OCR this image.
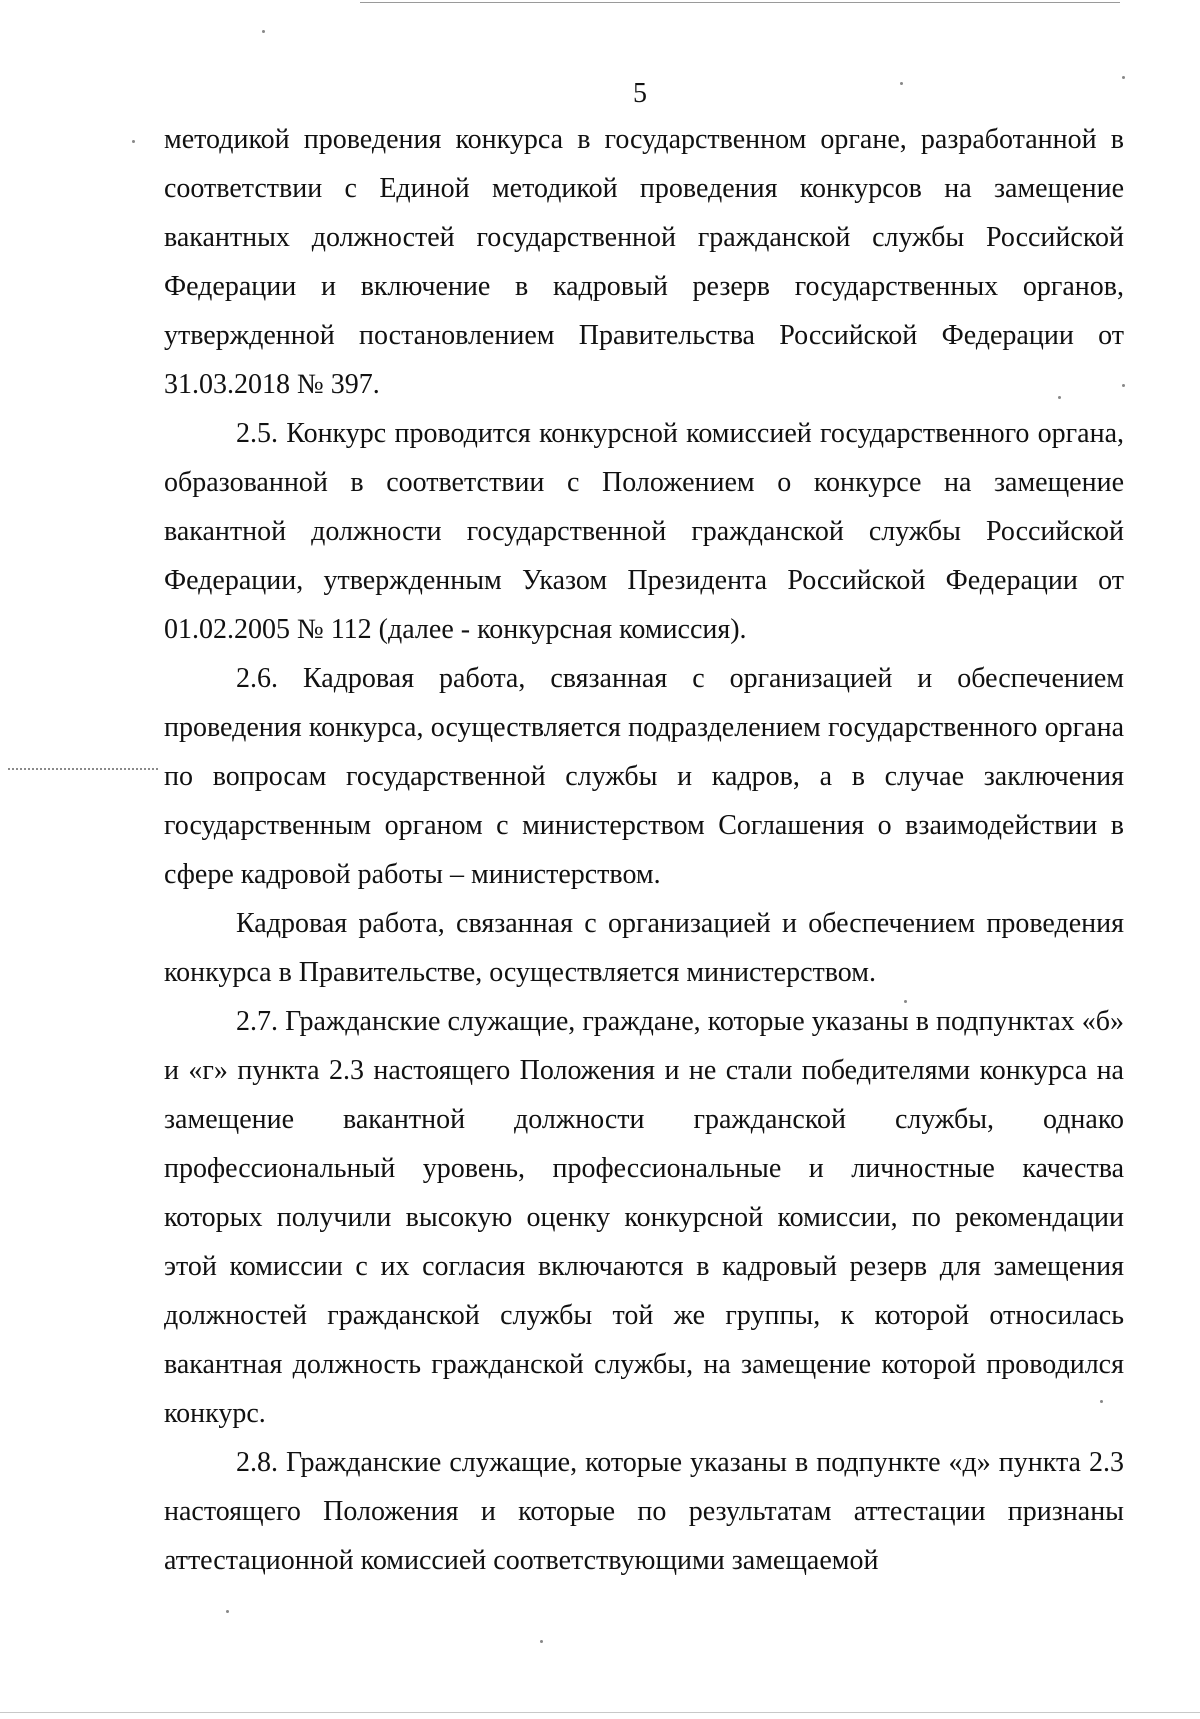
5

методикой проведения конкурса в государственном органе, разработанной в соответствии с Единой методикой проведения конкурсов на замещение вакантных должностей государственной гражданской службы Российской Федерации и включение в кадровый резерв государственных органов, утвержденной постановлением Правительства Российской Федерации от 31.03.2018 № 397.

2.5. Конкурс проводится конкурсной комиссией государственного органа, образованной в соответствии с Положением о конкурсе на замещение вакантной должности государственной гражданской службы Российской Федерации, утвержденным Указом Президента Российской Федерации от 01.02.2005 № 112 (далее - конкурсная комиссия).

2.6. Кадровая работа, связанная с организацией и обеспечением проведения конкурса, осуществляется подразделением государственного органа по вопросам государственной службы и кадров, а в случае заключения государственным органом с министерством Соглашения о взаимодействии в сфере кадровой работы – министерством.

Кадровая работа, связанная с организацией и обеспечением проведения конкурса в Правительстве, осуществляется министерством.

2.7. Гражданские служащие, граждане, которые указаны в подпунктах «б» и «г» пункта 2.3 настоящего Положения и не стали победителями конкурса на замещение вакантной должности гражданской службы, однако профессиональный уровень, профессиональные и личностные качества которых получили высокую оценку конкурсной комиссии, по рекомендации этой комиссии с их согласия включаются в кадровый резерв для замещения должностей гражданской службы той же группы, к которой относилась вакантная должность гражданской службы, на замещение которой проводился конкурс.

2.8. Гражданские служащие, которые указаны в подпункте «д» пункта 2.3 настоящего Положения и которые по результатам аттестации признаны аттестационной комиссией соответствующими замещаемой
